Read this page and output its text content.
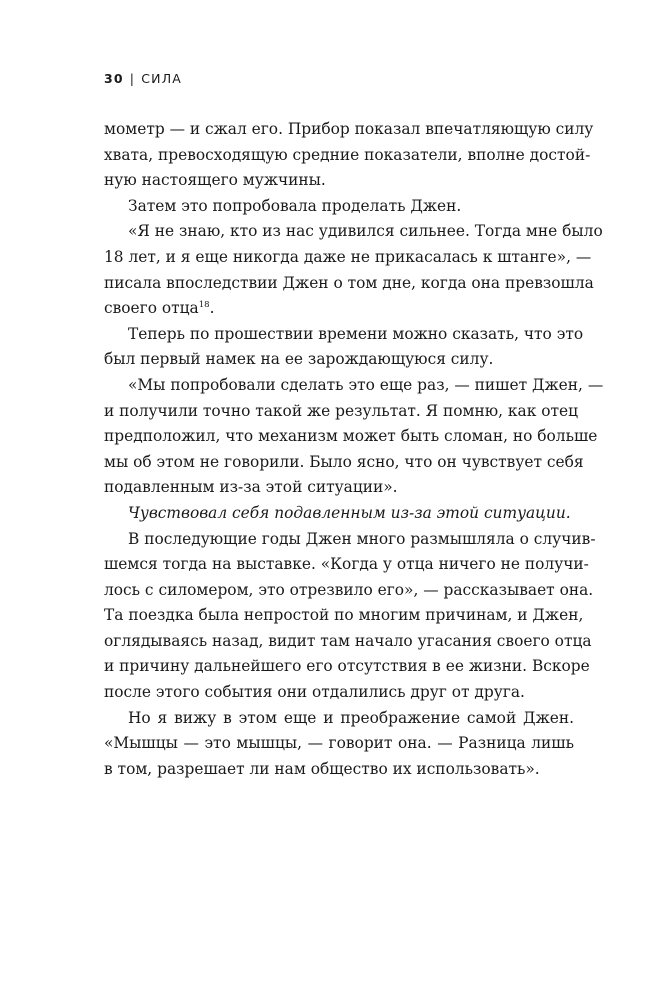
30 | СИЛА
мометр — и сжал его. Прибор показал впечатляющую силу
хвата, превосходящую средние показатели, вполне достой-
ную настоящего мужчины.
Затем это попробовала проделать Джен.
«Я не знаю, кто из нас удивился сильнее. Тогда мне было
18 лет, и я еще никогда даже не прикасалась к штанге», —
писала впоследствии Джен о том дне, когда она превзошла
своего отца$^{18}$.
Теперь по прошествии времени можно сказать, что это
был первый намек на ее зарождающуюся силу.
«Мы попробовали сделать это еще раз, — пишет Джен, —
и получили точно такой же результат. Я помню, как отец
предположил, что механизм может быть сломан, но больше
мы об этом не говорили. Было ясно, что он чувствует себя
подавленным из-за этой ситуации».
Чувствовал себя подавленным из-за этой ситуации.
В последующие годы Джен много размышляла о случив-
шемся тогда на выставке. «Когда у отца ничего не получи-
лось с силомером, это отрезвило его», — рассказывает она.
Та поездка была непростой по многим причинам, и Джен,
оглядываясь назад, видит там начало угасания своего отца
и причину дальнейшего его отсутствия в ее жизни. Вскоре
после этого события они отдалились друг от друга.
Но я вижу в этом еще и преображение самой Джен.
«Мышцы — это мышцы, — говорит она. — Разница лишь
в том, разрешает ли нам общество их использовать».
